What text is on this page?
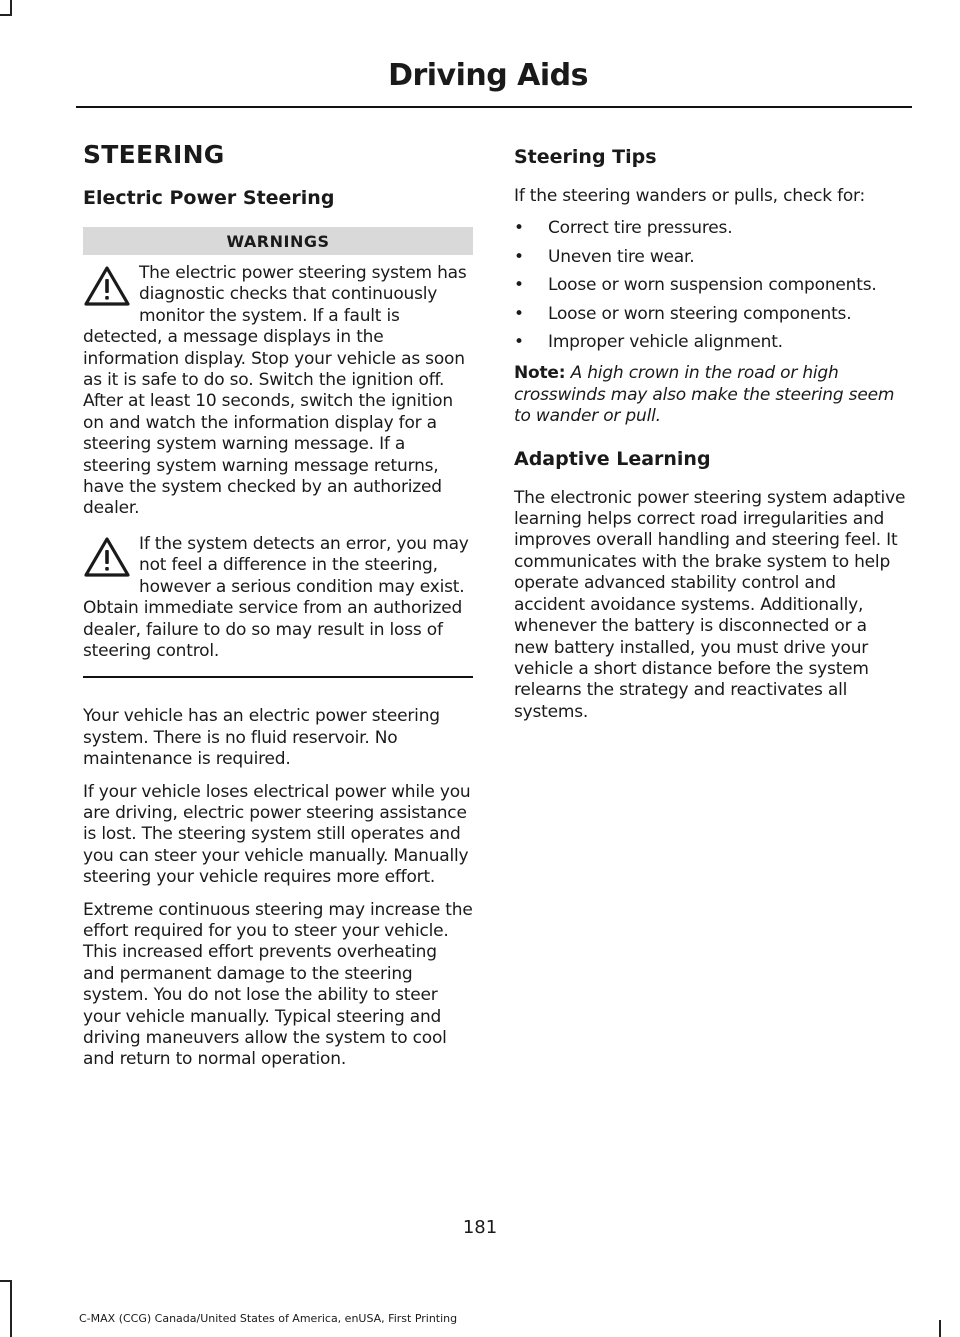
Driving Aids
STEERING
Electric Power Steering
WARNINGS
The electric power steering system has diagnostic checks that continuously monitor the system. If a fault is detected, a message displays in the information display. Stop your vehicle as soon as it is safe to do so. Switch the ignition off. After at least 10 seconds, switch the ignition on and watch the information display for a steering system warning message. If a steering system warning message returns, have the system checked by an authorized dealer.
If the system detects an error, you may not feel a difference in the steering, however a serious condition may exist. Obtain immediate service from an authorized dealer, failure to do so may result in loss of steering control.

Your vehicle has an electric power steering system. There is no fluid reservoir. No maintenance is required.

If your vehicle loses electrical power while you are driving, electric power steering assistance is lost. The steering system still operates and you can steer your vehicle manually. Manually steering your vehicle requires more effort.

Extreme continuous steering may increase the effort required for you to steer your vehicle. This increased effort prevents overheating and permanent damage to the steering system. You do not lose the ability to steer your vehicle manually. Typical steering and driving maneuvers allow the system to cool and return to normal operation.

Steering Tips

If the steering wanders or pulls, check for:

• Correct tire pressures.
• Uneven tire wear.
• Loose or worn suspension components.
• Loose or worn steering components.
• Improper vehicle alignment.

Note: A high crown in the road or high crosswinds may also make the steering seem to wander or pull.

Adaptive Learning

The electronic power steering system adaptive learning helps correct road irregularities and improves overall handling and steering feel. It communicates with the brake system to help operate advanced stability control and accident avoidance systems. Additionally, whenever the battery is disconnected or a new battery installed, you must drive your vehicle a short distance before the system relearns the strategy and reactivates all systems.

181
C-MAX (CCG) Canada/United States of America, enUSA, First Printing
